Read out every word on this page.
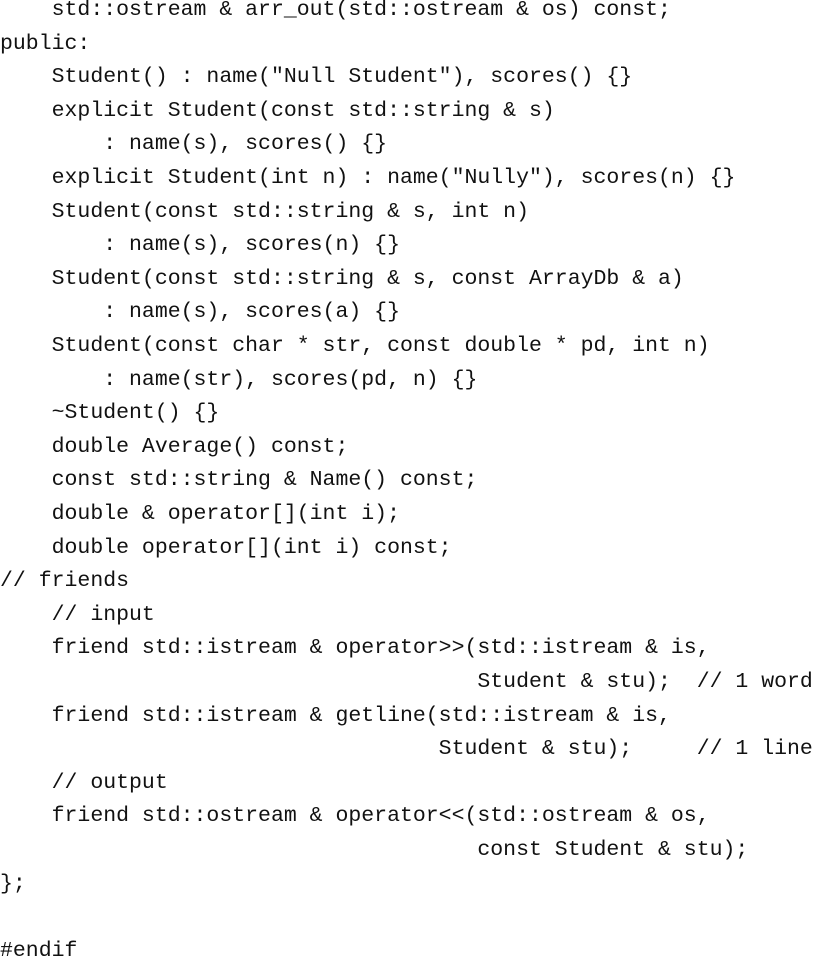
std::ostream & arr_out(std::ostream & os) const;
public:
Student() : name("Null Student"), scores() {}
explicit Student(const std::string & s)
: name(s), scores() {}
explicit Student(int n) : name("Nully"), scores(n) {}
Student(const std::string & s, int n)
: name(s), scores(n) {}
Student(const std::string & s, const ArrayDb & a)
: name(s), scores(a) {}
Student(const char * str, const double * pd, int n)
: name(str), scores(pd, n) {}
~Student() {}
double Average() const;
const std::string & Name() const;
double & operator[](int i);
double operator[](int i) const;
// friends
// input
friend std::istream & operator>>(std::istream & is,
Student & stu);  // 1 word
friend std::istream & getline(std::istream & is,
Student & stu);     // 1 line
// output
friend std::ostream & operator<<(std::ostream & os,
const Student & stu);
};
#endif
